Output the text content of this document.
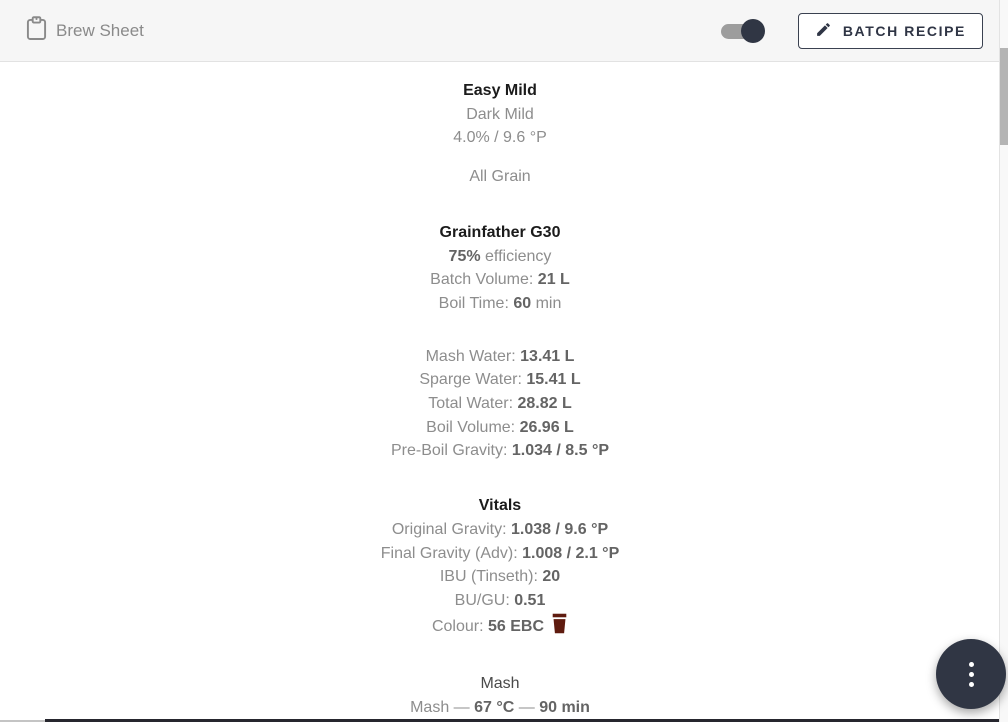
Brew Sheet	BATCH RECIPE
Easy Mild
Dark Mild
4.0% / 9.6 °P
All Grain
Grainfather G30
75% efficiency
Batch Volume: 21 L
Boil Time: 60 min
Mash Water: 13.41 L
Sparge Water: 15.41 L
Total Water: 28.82 L
Boil Volume: 26.96 L
Pre-Boil Gravity: 1.034 / 8.5 °P
Vitals
Original Gravity: 1.038 / 9.6 °P
Final Gravity (Adv): 1.008 / 2.1 °P
IBU (Tinseth): 20
BU/GU: 0.51
Colour: 56 EBC
Mash
Mash — 67 °C — 90 min
